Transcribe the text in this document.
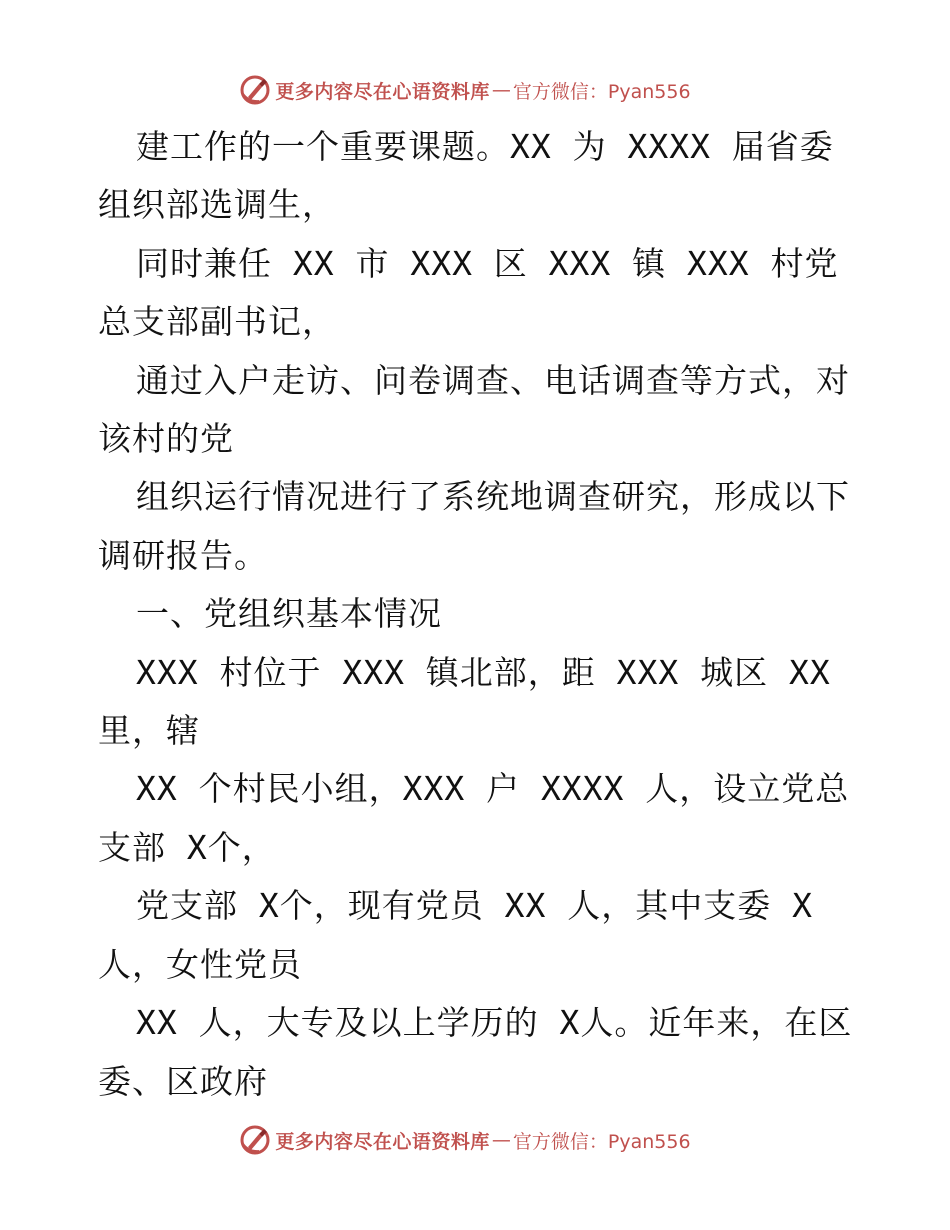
更多内容尽在心语资料库 — 官方微信：Pyan556

建工作的一个重要课题。XX 为 XXXX 届省委组织部选调生，

同时兼任 XX 市 XXX 区 XXX 镇 XXX 村党总支部副书记，

通过入户走访、问卷调查、电话调查等方式，对该村的党

组织运行情况进行了系统地调查研究，形成以下调研报告。

一、党组织基本情况

XXX 村位于 XXX 镇北部，距 XXX 城区 XX 里，辖

XX 个村民小组，XXX 户 XXXX 人，设立党总支部 X个，

党支部 X个，现有党员 XX 人，其中支委 X 人，女性党员

XX 人，大专及以上学历的 X人。近年来，在区委、区政府

更多内容尽在心语资料库 — 官方微信：Pyan556
